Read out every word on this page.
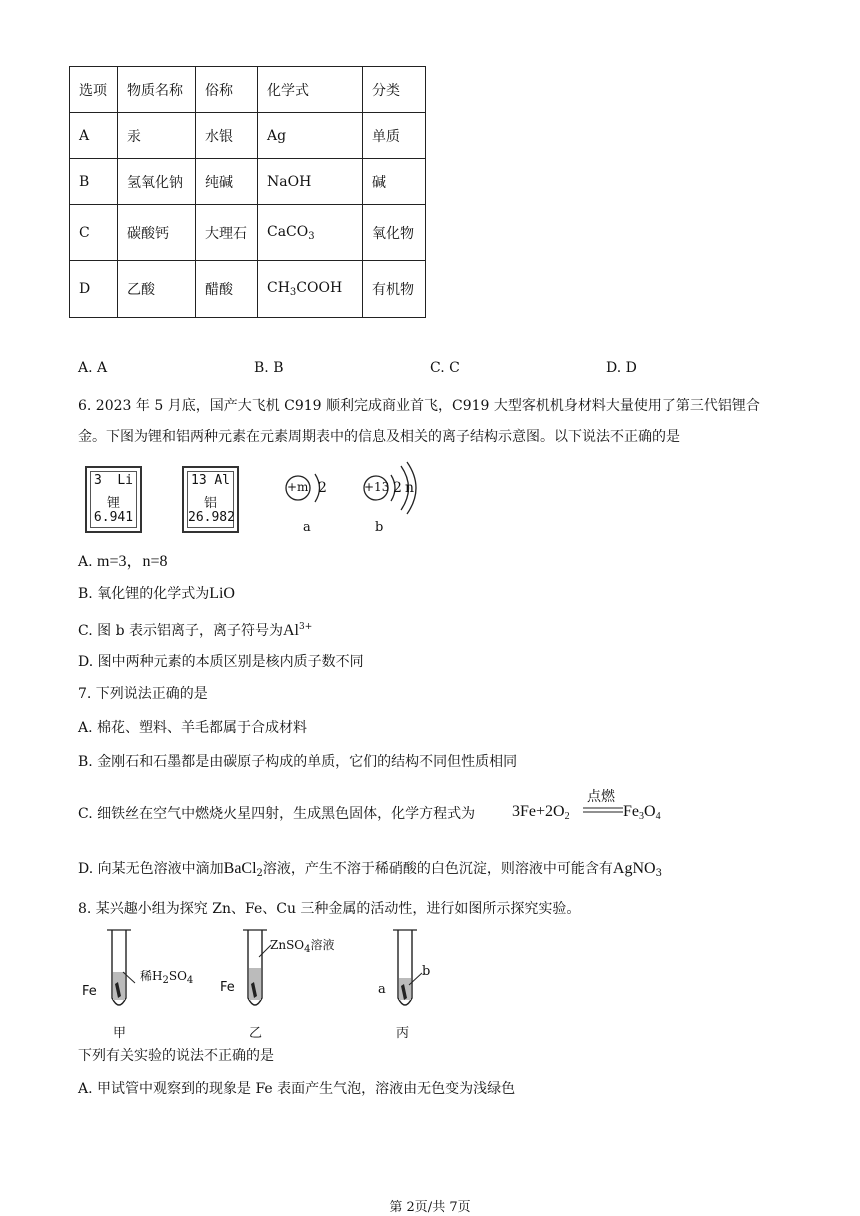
选项	物质名称	俗称	化学式	分类
A	汞	水银	Ag	单质
B	氢氧化钠	纯碱	NaOH	碱
C	碳酸钙	大理石	CaCO$_3$	氧化物
D	乙酸	醋酸	$CH_3COOH$	有机物
A. A	B. B	C. C	D. D
6. 2023 年 5 月底，国产大飞机 C919 顺利完成商业首飞，C919 大型客机机身材料大量使用了第三代铝锂合
金。下图为锂和铝两种元素在元素周期表中的信息及相关的离子结构示意图。以下说法不正确的是
3 Li
锂
6.941
13 Al
铝
26.982
+m 2
a
+13 2 n
b
A. m=3，n=8
B. 氧化锂的化学式为LiO
C. 图 b 表示铝离子，离子符号为$Al^{3+}$
D. 图中两种元素的本质区别是核内质子数不同
7. 下列说法正确的是
A. 棉花、塑料、羊毛都属于合成材料
B. 金刚石和石墨都是由碳原子构成的单质，它们的结构不同但性质相同
C. 细铁丝在空气中燃烧火星四射，生成黑色固体，化学方程式为 $3Fe+2O_2$
点燃
$Fe_3O_4$
D. 向某无色溶液中滴加BaCl$_2$溶液，产生不溶于稀硝酸的白色沉淀，则溶液中可能含有AgNO$_3$
8. 某兴趣小组为探究 Zn、Fe、Cu 三种金属的活动性，进行如图所示探究实验。
Fe
稀$H_2SO_4$
甲
Fe
ZnSO$_4$溶液
乙
a
b
丙
下列有关实验的说法不正确的是
A. 甲试管中观察到的现象是 Fe 表面产生气泡，溶液由无色变为浅绿色
第 2页/共 7页
